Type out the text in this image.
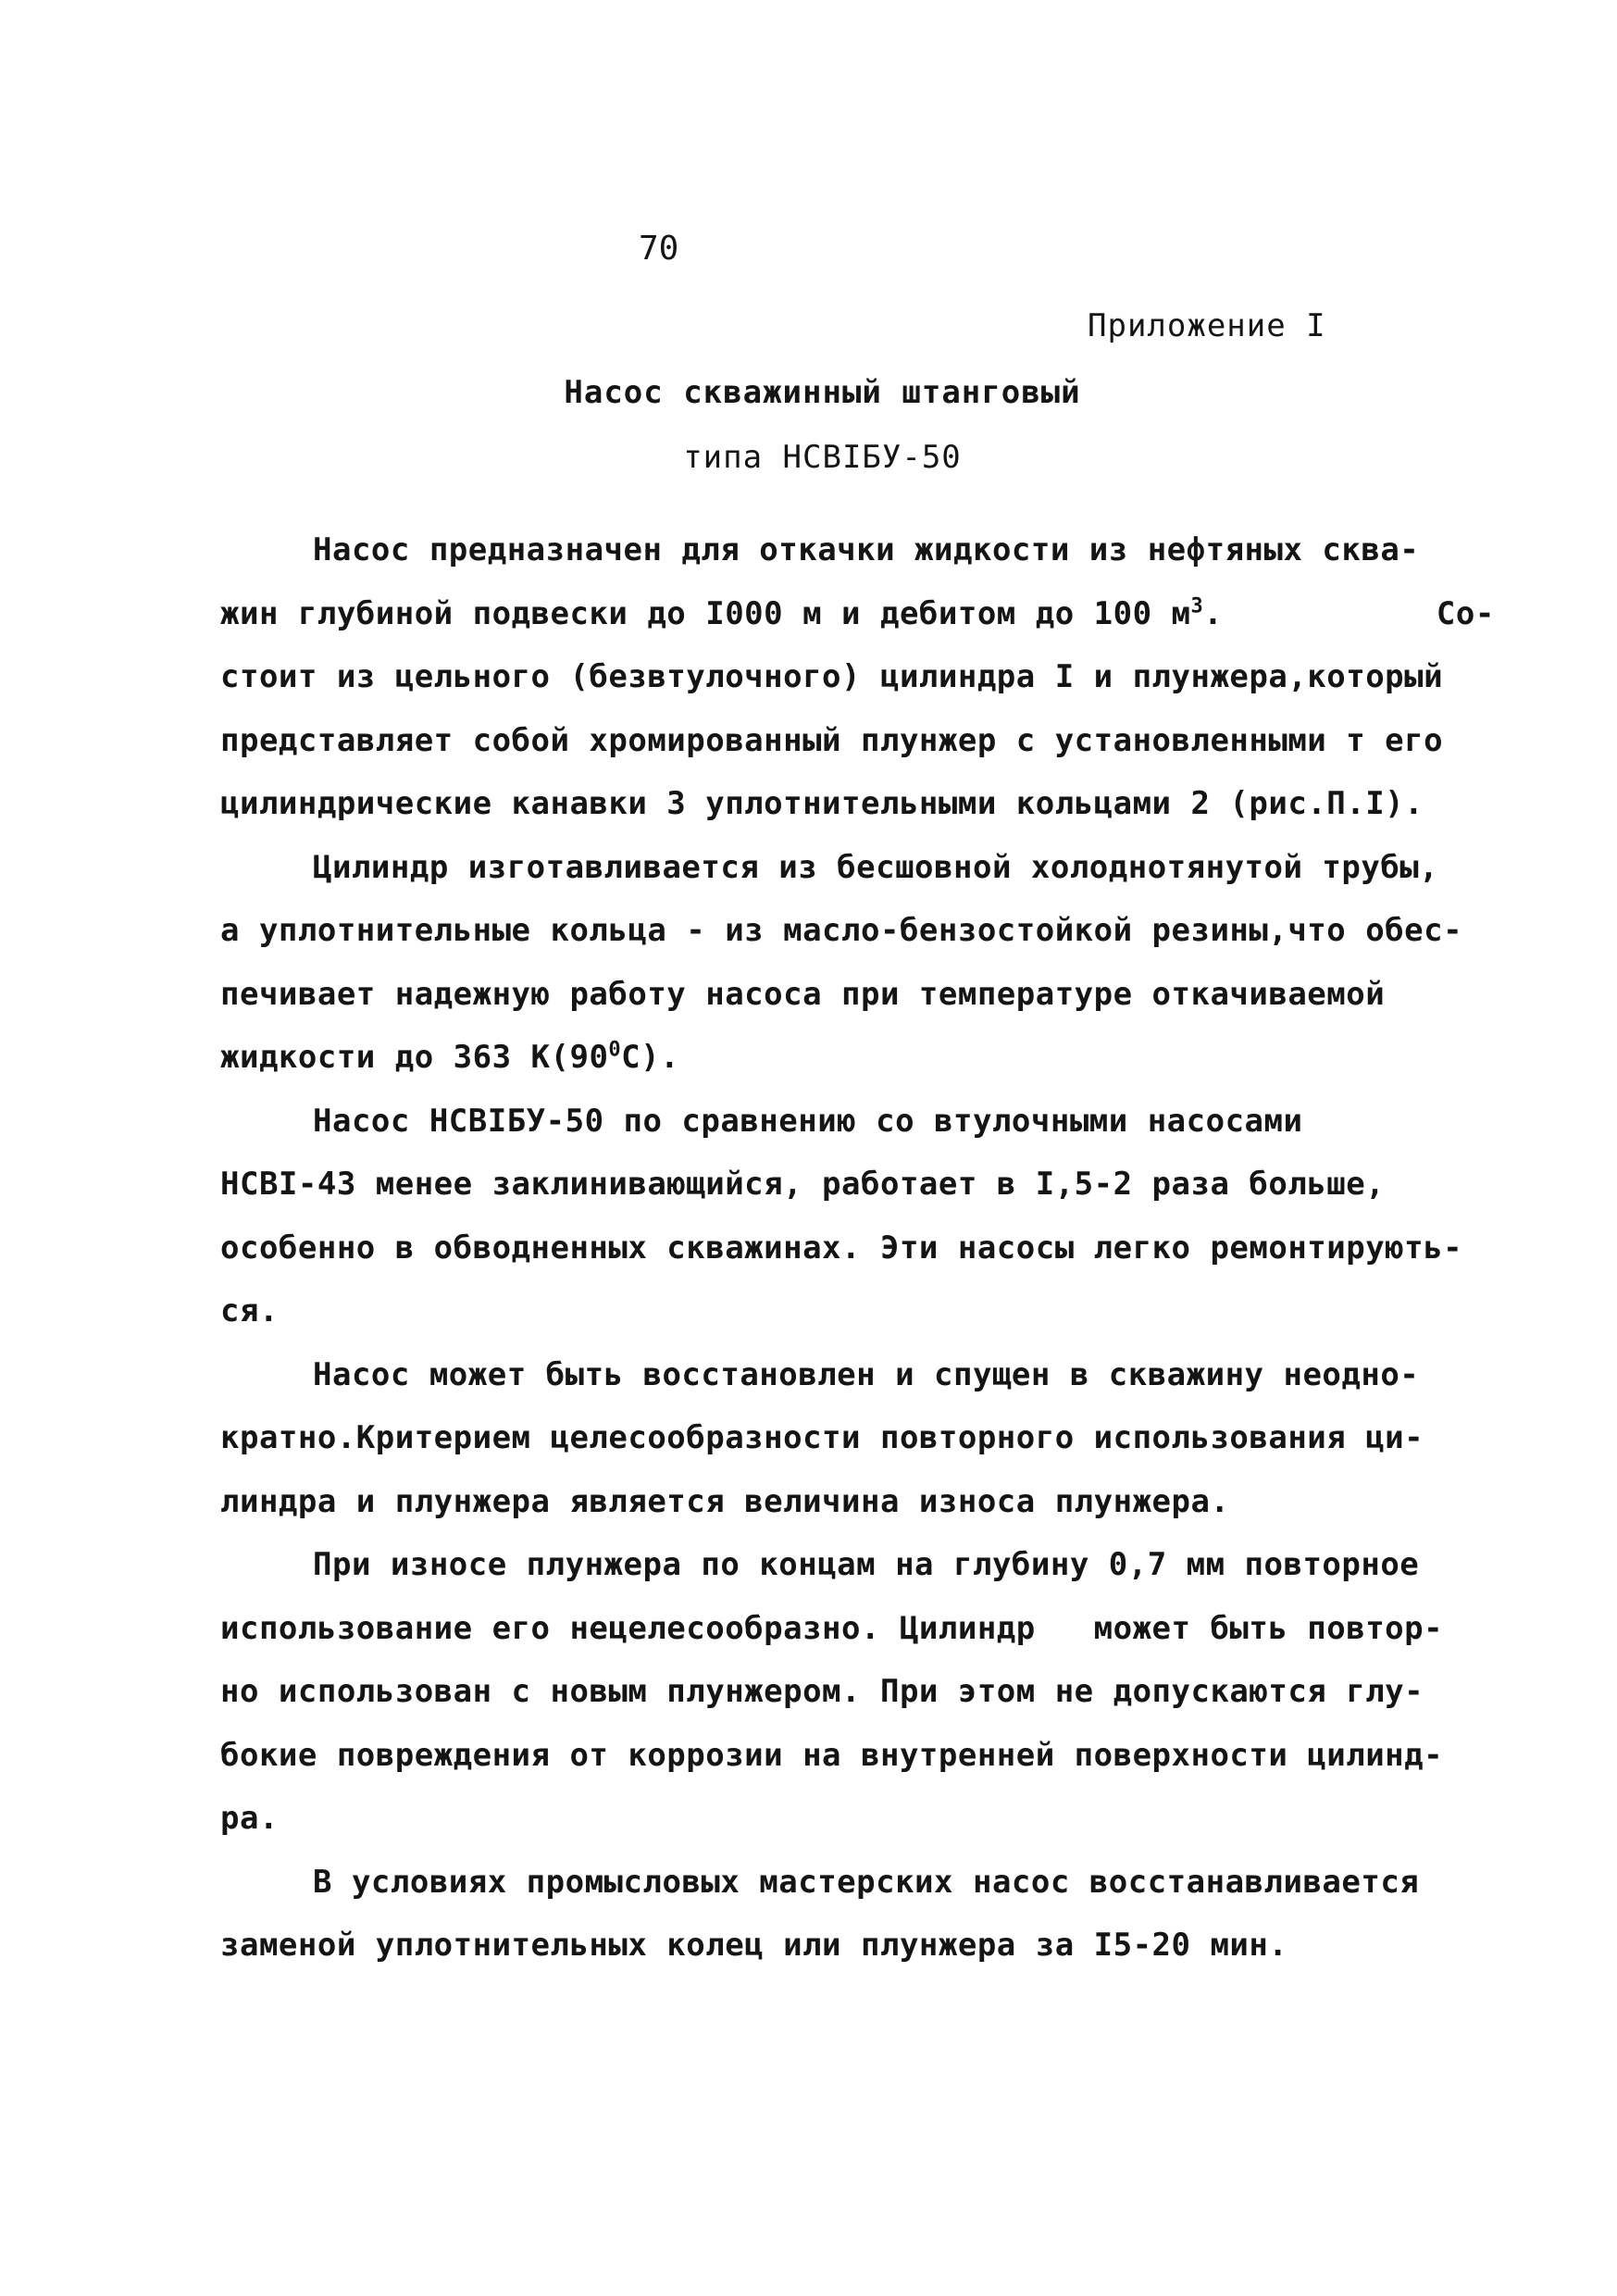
70
Приложение I
Насос скважинный штанговый
типа НСВIБУ-50
Насос предназначен для откачки жидкости из нефтяных сква-
жин глубиной подвески до I000 м и дебитом до 100 $м^3$.           Со-
стоит из цельного (безвтулочного) цилиндра I и плунжера,который
представляет собой хромированный плунжер с установленными т его
цилиндрические канавки 3 уплотнительными кольцами 2 (рис.П.I).
Цилиндр изготавливается из бесшовной холоднотянутой трубы,
а уплотнительные кольца - из масло-бензостойкой резины,что обес-
печивает надежную работу насоса при температуре откачиваемой
жидкости до 363 $К(90^0С)$.
Насос НСВIБУ-50 по сравнению со втулочными насосами
НСВI-43 менее заклинивающийся, работает в I,5-2 раза больше,
особенно в обводненных скважинах. Эти насосы легко ремонтирують-
ся.
Насос может быть восстановлен и спущен в скважину неодно-
кратно.Критерием целесообразности повторного использования ци-
линдра и плунжера является величина износа плунжера.
При износе плунжера по концам на глубину 0,7 мм повторное
использование его нецелесообразно. Цилиндр   может быть повтор-
но использован с новым плунжером. При этом не допускаются глу-
бокие повреждения от коррозии на внутренней поверхности цилинд-
ра.
В условиях промысловых мастерских насос восстанавливается
заменой уплотнительных колец или плунжера за I5-20 мин.
